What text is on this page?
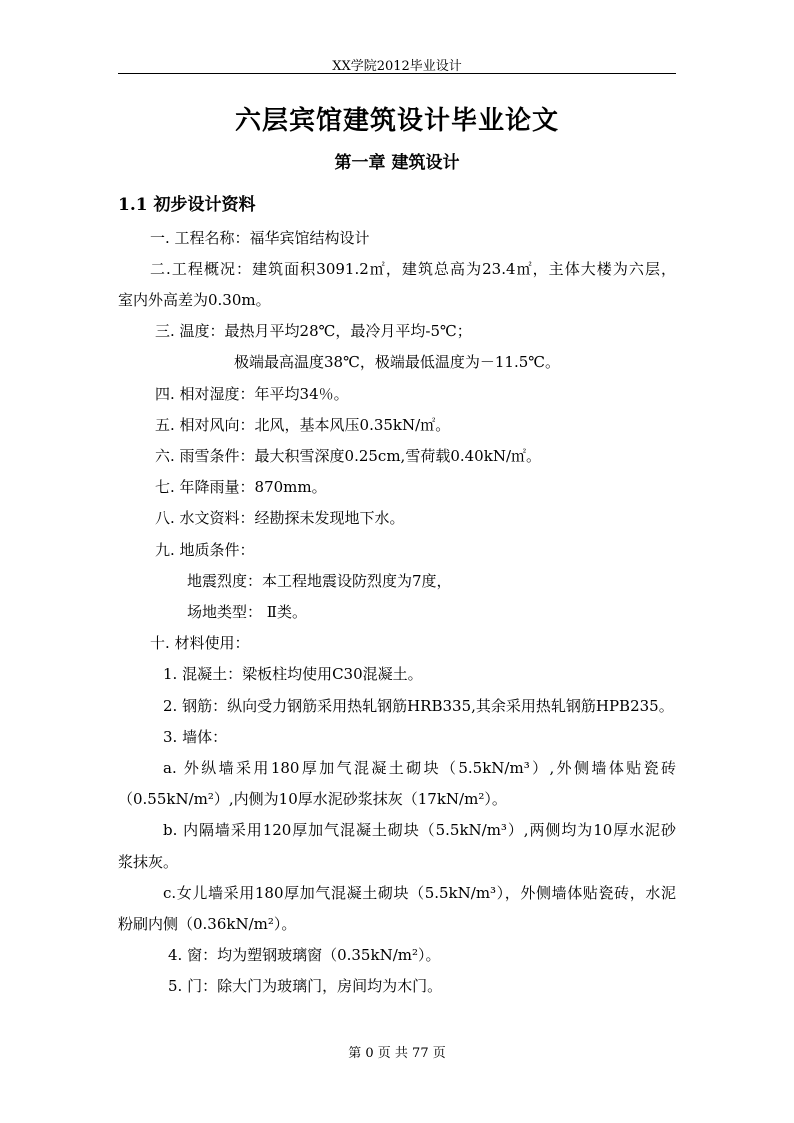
XX学院2012毕业设计
六层宾馆建筑设计毕业论文
第一章 建筑设计
1.1 初步设计资料
一. 工程名称：福华宾馆结构设计
二.工程概况：建筑面积3091.2㎡，建筑总高为23.4㎡，主体大楼为六层，
室内外高差为0.30m。
三. 温度：最热月平均28℃，最冷月平均-5℃；
极端最高温度38℃，极端最低温度为－11.5℃。
四. 相对湿度：年平均34％。
五. 相对风向：北风，基本风压0.35kN/㎡。
六. 雨雪条件：最大积雪深度0.25cm,雪荷载0.40kN/㎡。
七. 年降雨量：870mm。
八. 水文资料：经勘探未发现地下水。
九. 地质条件：
地震烈度：本工程地震设防烈度为7度，
场地类型： Ⅱ类。
十. 材料使用：
1. 混凝土：梁板柱均使用C30混凝土。
2. 钢筋：纵向受力钢筋采用热轧钢筋HRB335,其余采用热轧钢筋HPB235。
3. 墙体：
a. 外纵墙采用180厚加气混凝土砌块（5.5kN/m³）,外侧墙体贴瓷砖
（0.55kN/m²）,内侧为10厚水泥砂浆抹灰（17kN/m²）。
b. 内隔墙采用120厚加气混凝土砌块（5.5kN/m³）,两侧均为10厚水泥砂
浆抹灰。
c.女儿墙采用180厚加气混凝土砌块（5.5kN/m³），外侧墙体贴瓷砖，水泥
粉刷内侧（0.36kN/m²）。
4. 窗：均为塑钢玻璃窗（0.35kN/m²）。
5. 门：除大门为玻璃门，房间均为木门。
第 0 页 共 77 页
